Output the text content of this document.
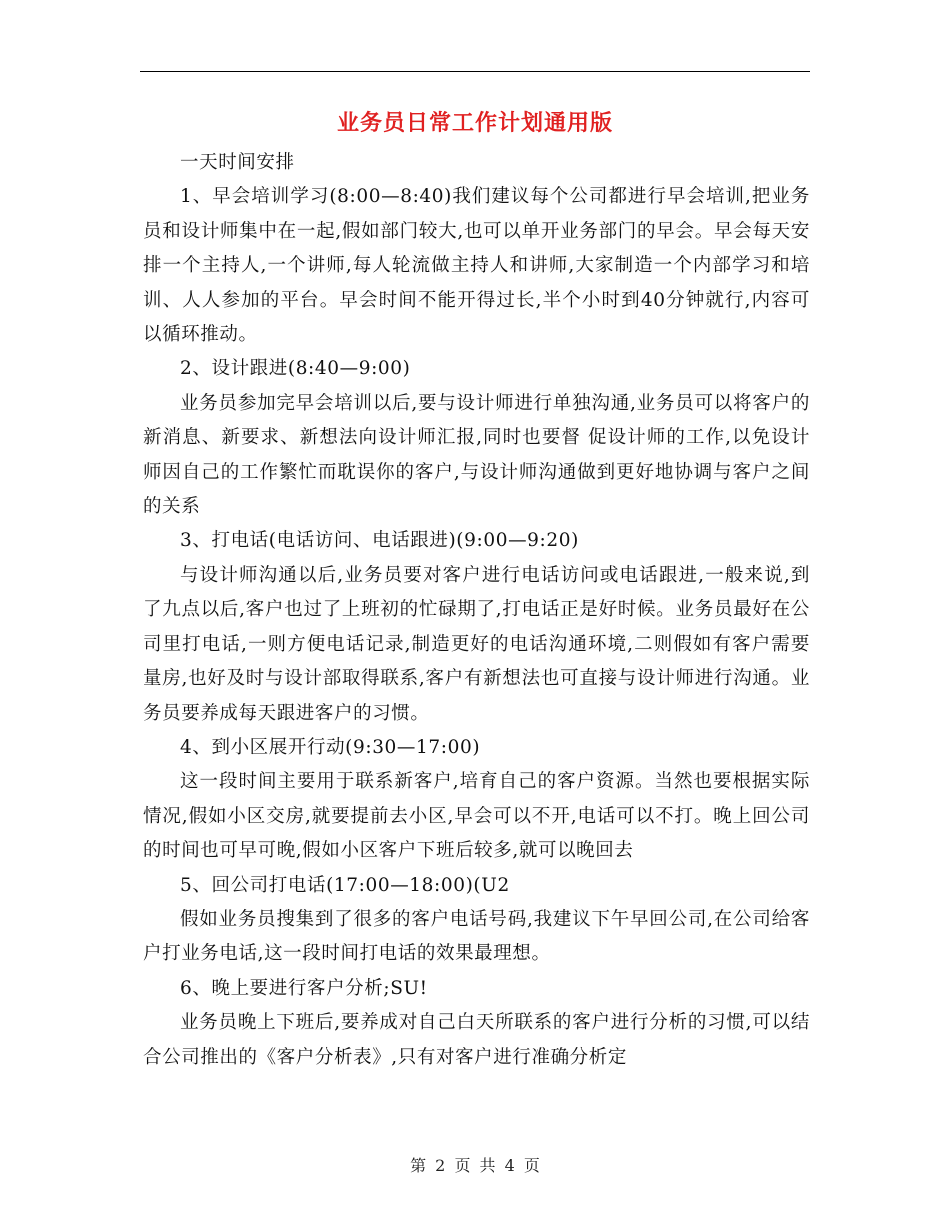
业务员日常工作计划通用版

一天时间安排

1、早会培训学习(8:00—8:40)我们建议每个公司都进行早会培训,把业务员和设计师集中在一起,假如部门较大,也可以单开业务部门的早会。早会每天安排一个主持人,一个讲师,每人轮流做主持人和讲师,大家制造一个内部学习和培训、人人参加的平台。早会时间不能开得过长,半个小时到40分钟就行,内容可以循环推动。

2、设计跟进(8:40—9:00)

业务员参加完早会培训以后,要与设计师进行单独沟通,业务员可以将客户的新消息、新要求、新想法向设计师汇报,同时也要督 促设计师的工作,以免设计师因自己的工作繁忙而耽误你的客户,与设计师沟通做到更好地协调与客户之间的关系

3、打电话(电话访问、电话跟进)(9:00—9:20)

与设计师沟通以后,业务员要对客户进行电话访问或电话跟进,一般来说,到了九点以后,客户也过了上班初的忙碌期了,打电话正是好时候。业务员最好在公司里打电话,一则方便电话记录,制造更好的电话沟通环境,二则假如有客户需要量房,也好及时与设计部取得联系,客户有新想法也可直接与设计师进行沟通。业务员要养成每天跟进客户的习惯。

4、到小区展开行动(9:30—17:00)

这一段时间主要用于联系新客户,培育自己的客户资源。当然也要根据实际情况,假如小区交房,就要提前去小区,早会可以不开,电话可以不打。晚上回公司的时间也可早可晚,假如小区客户下班后较多,就可以晚回去

5、回公司打电话(17:00—18:00)(U2

假如业务员搜集到了很多的客户电话号码,我建议下午早回公司,在公司给客户打业务电话,这一段时间打电话的效果最理想。

6、晚上要进行客户分析;SU!

业务员晚上下班后,要养成对自己白天所联系的客户进行分析的习惯,可以结合公司推出的《客户分析表》,只有对客户进行准确分析定

第 2 页 共 4 页
